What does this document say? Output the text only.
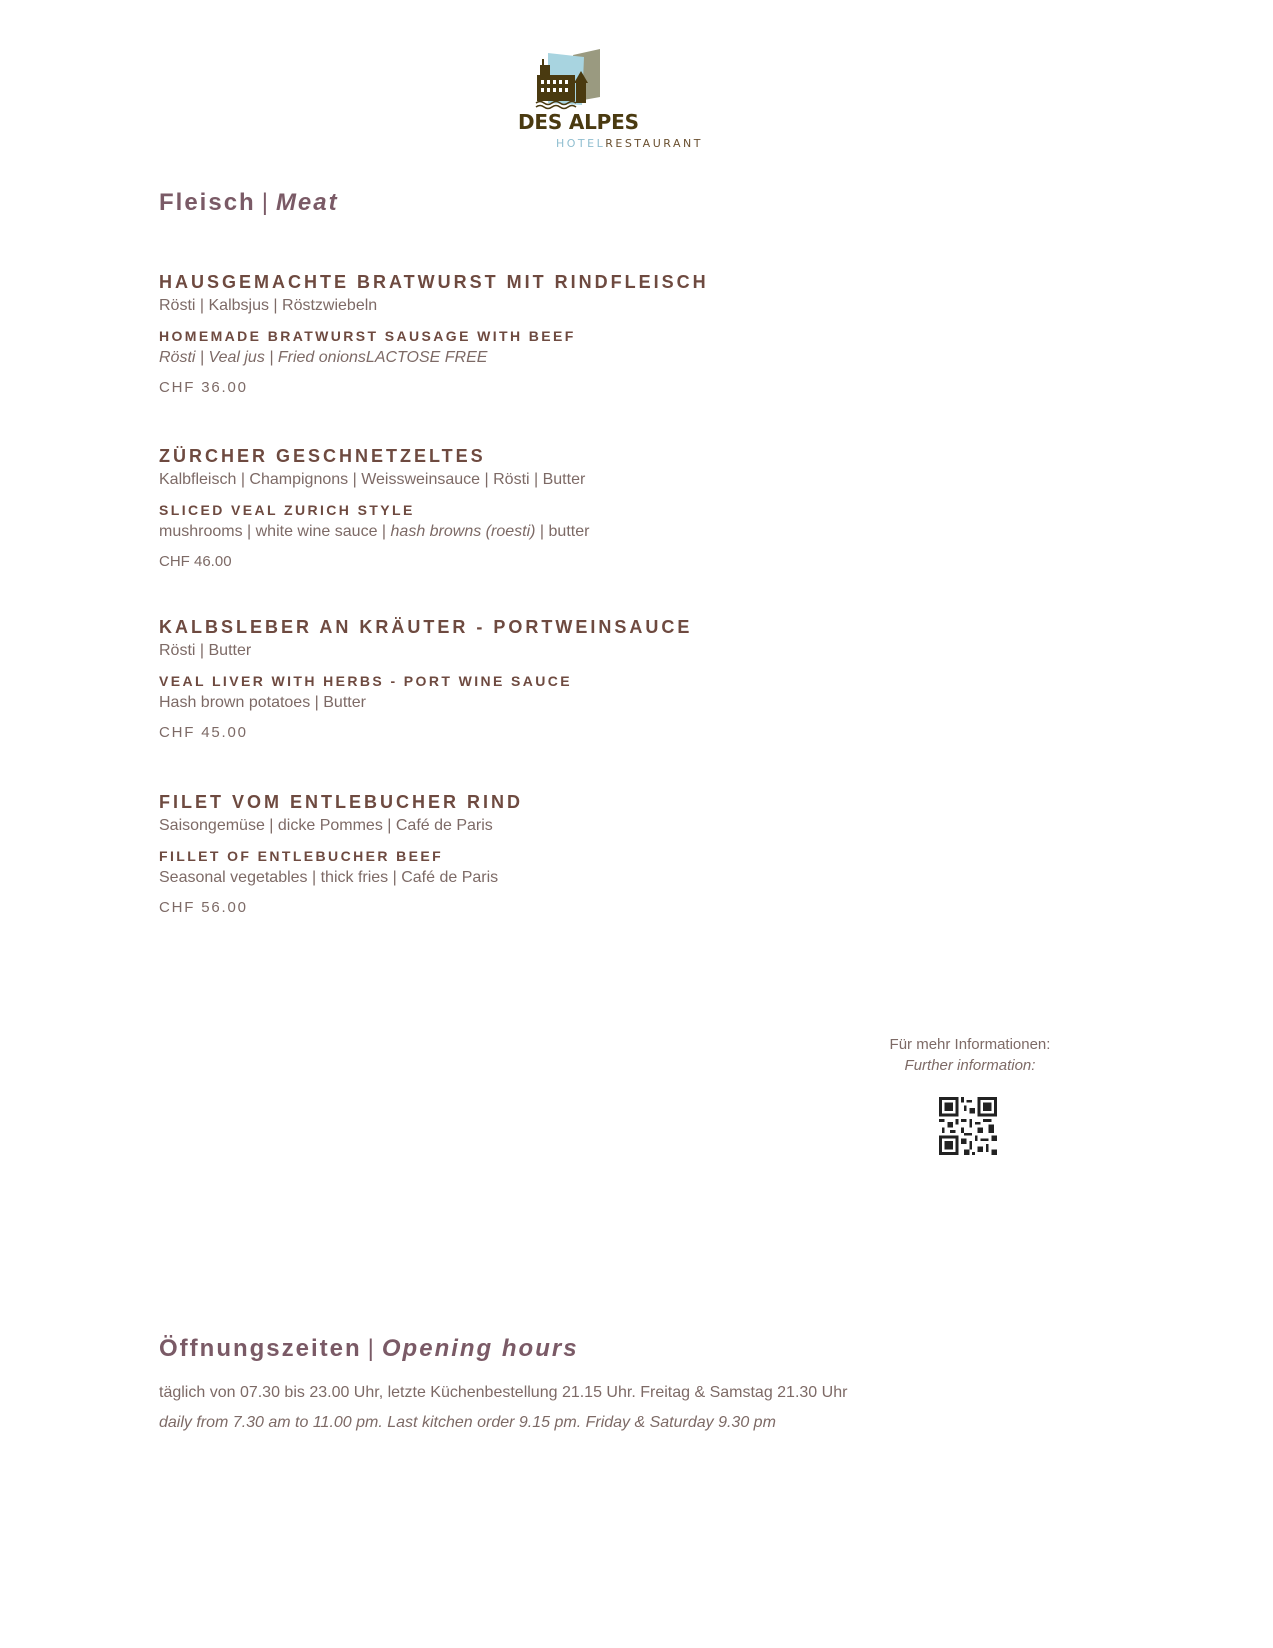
DES ALPES
HOTELRESTAURANT
Fleisch | Meat
HAUSGEMACHTE BRATWURST MIT RINDFLEISCH
Rösti | Kalbsjus | Röstzwiebeln
HOMEMADE BRATWURST SAUSAGE WITH BEEF
Rösti | Veal jus | Fried onionsLACTOSE FREE
CHF 36.00
ZÜRCHER GESCHNETZELTES
Kalbfleisch | Champignons | Weissweinsauce | Rösti | Butter
SLICED VEAL ZURICH STYLE
mushrooms | white wine sauce | hash browns (roesti) | butter
CHF 46.00
KALBSLEBER AN KRÄUTER - PORTWEINSAUCE
Rösti | Butter
VEAL LIVER WITH HERBS - PORT WINE SAUCE
Hash brown potatoes | Butter
CHF 45.00
FILET VOM ENTLEBUCHER RIND
Saisongemüse | dicke Pommes | Café de Paris
FILLET OF ENTLEBUCHER BEEF
Seasonal vegetables | thick fries | Café de Paris
CHF 56.00
Für mehr Informationen:
Further information:
Öffnungszeiten | Opening hours
täglich von 07.30 bis 23.00 Uhr, letzte Küchenbestellung 21.15 Uhr. Freitag & Samstag 21.30 Uhr
daily from 7.30 am to 11.00 pm. Last kitchen order 9.15 pm. Friday & Saturday 9.30 pm
